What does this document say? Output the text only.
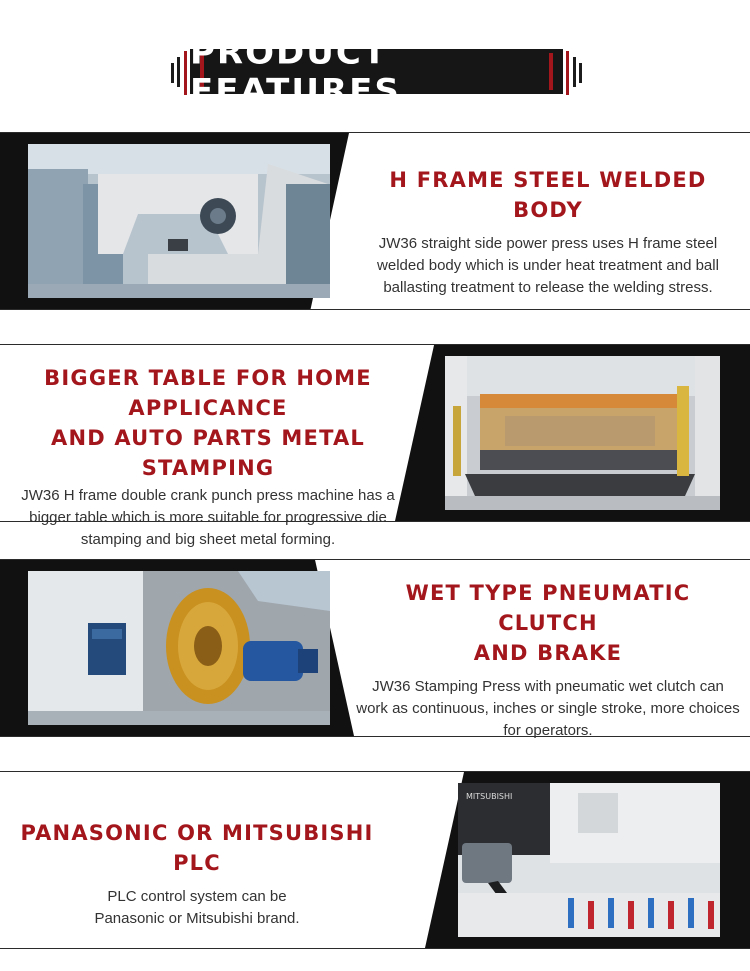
PRODUCT FEATURES

H FRAME STEEL WELDED BODY

JW36 straight side power press uses H frame steel welded body which is under heat treatment and ball ballasting treatment to release the welding stress.

BIGGER TABLE FOR HOME APPLICANCE

AND AUTO PARTS METAL STAMPING

JW36 H frame double crank punch press machine has a bigger table which is more suitable for progressive die stamping and big sheet metal forming.

WET TYPE PNEUMATIC CLUTCH

AND BRAKE

JW36 Stamping Press with pneumatic wet clutch can work as continuous, inches or single stroke, more choices for operators.

MITSUBISHI

PANASONIC OR MITSUBISHI PLC

PLC control system can be Panasonic or Mitsubishi brand.
